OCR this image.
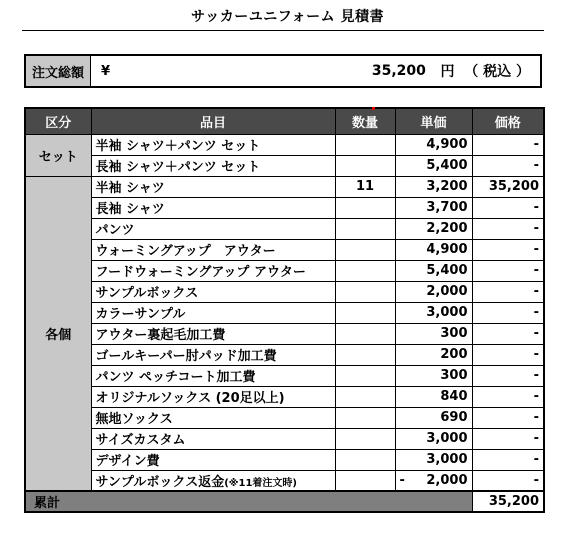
サッカーユニフォーム 見積書
注文総額	¥	35,200
円
（ 税込 ）
区分	品目	数量	単価	価格
セット	半袖 シャツ＋パンツ セット		4,900	-
	長袖 シャツ＋パンツ セット		5,400	-
各個	半袖 シャツ	11	3,200	35,200
	長袖 シャツ		3,700	-
	パンツ		2,200	-
	ウォーミングアップ　アウター		4,900	-
	フードウォーミングアップ アウター		5,400	-
	サンプルボックス		2,000	-
	カラーサンプル		3,000	-
	アウター裏起毛加工費		300	-
	ゴールキーパー肘パッド加工費		200	-
	パンツ ペッチコート加工費		300	-
	オリジナルソックス (20足以上)		840	-
	無地ソックス		690	-
	サイズカスタム		3,000	-
	デザイン費		3,000	-
	サンプルボックス返金(※11着注文時)		- 2,000	-
累計				35,200
